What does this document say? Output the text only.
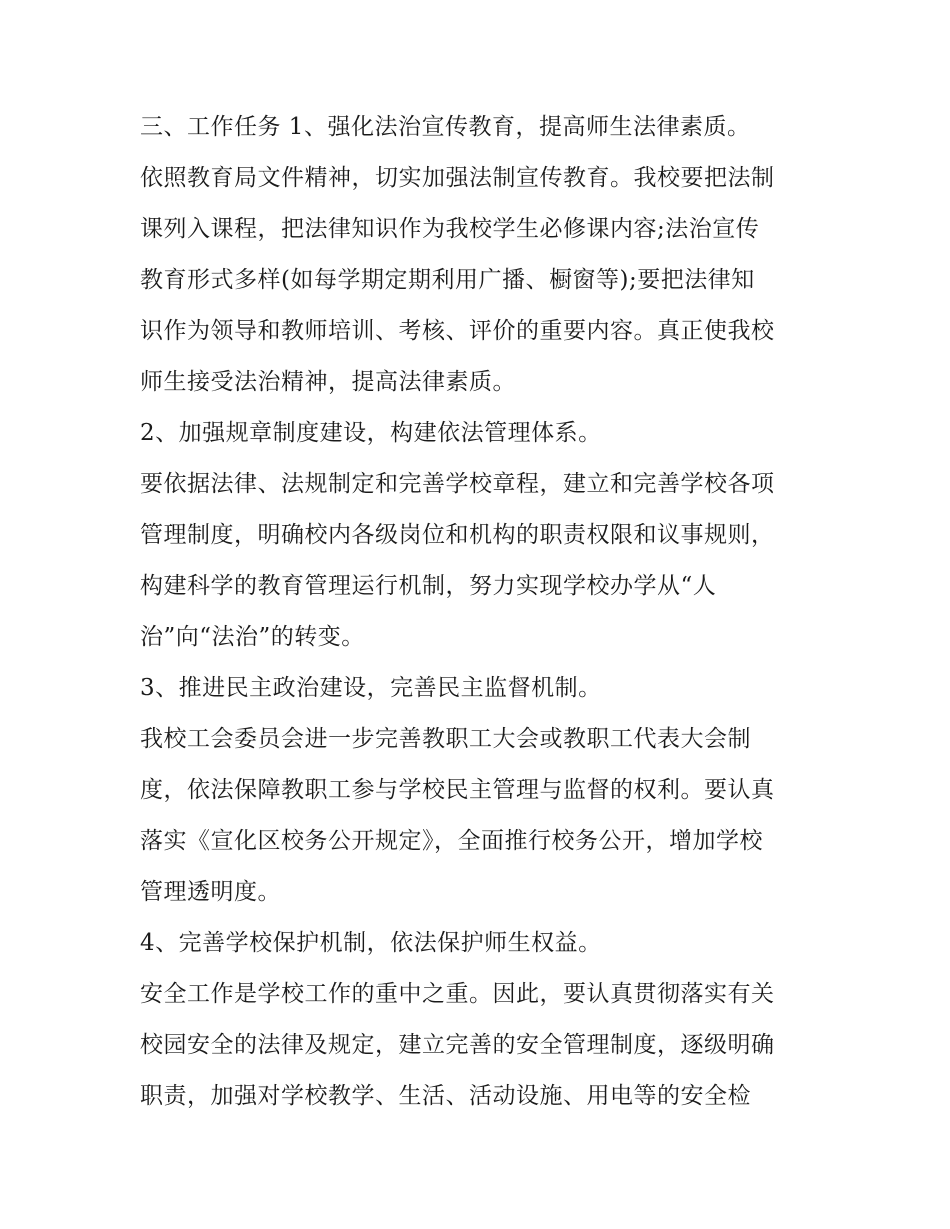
三、工作任务 1、强化法治宣传教育，提高师生法律素质。
依照教育局文件精神，切实加强法制宣传教育。我校要把法制
课列入课程，把法律知识作为我校学生必修课内容;法治宣传
教育形式多样(如每学期定期利用广播、橱窗等);要把法律知
识作为领导和教师培训、考核、评价的重要内容。真正使我校
师生接受法治精神，提高法律素质。
2、加强规章制度建设，构建依法管理体系。
要依据法律、法规制定和完善学校章程，建立和完善学校各项
管理制度，明确校内各级岗位和机构的职责权限和议事规则，
构建科学的教育管理运行机制，努力实现学校办学从“人
治”向“法治”的转变。
3、推进民主政治建设，完善民主监督机制。
我校工会委员会进一步完善教职工大会或教职工代表大会制
度，依法保障教职工参与学校民主管理与监督的权利。要认真
落实《宣化区校务公开规定》，全面推行校务公开，增加学校
管理透明度。
4、完善学校保护机制，依法保护师生权益。
安全工作是学校工作的重中之重。因此，要认真贯彻落实有关
校园安全的法律及规定，建立完善的安全管理制度，逐级明确
职责，加强对学校教学、生活、活动设施、用电等的安全检
